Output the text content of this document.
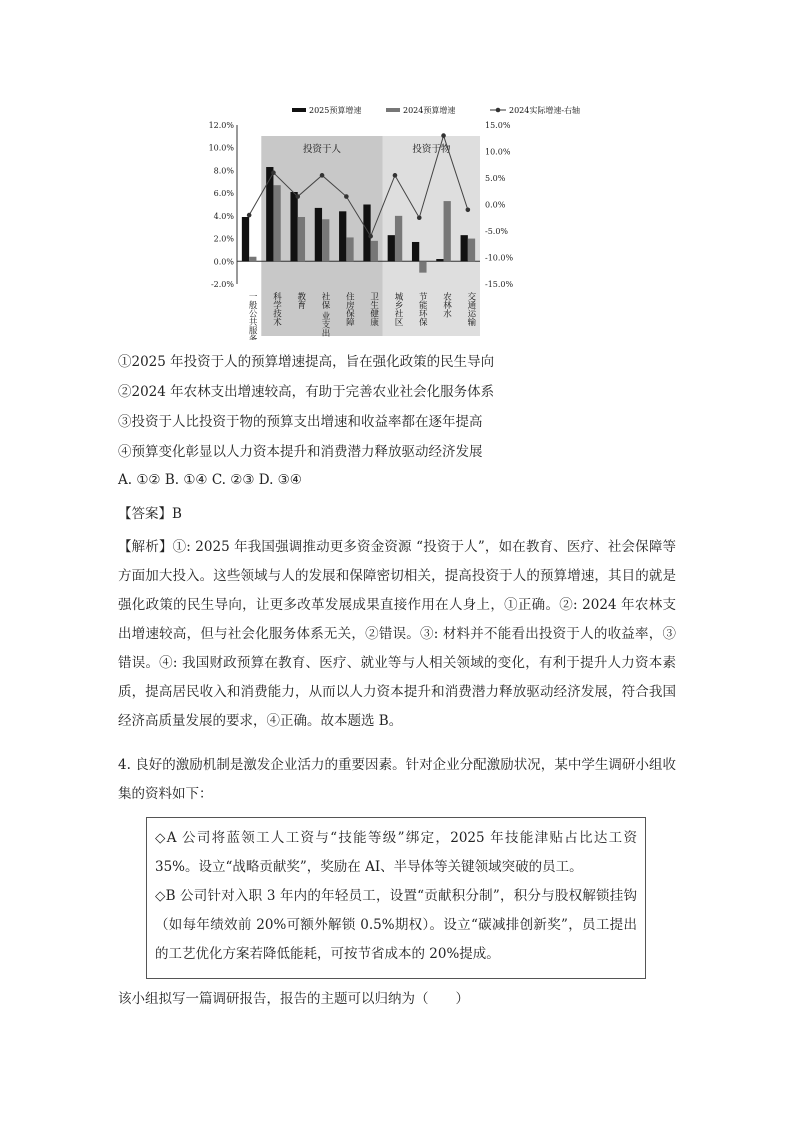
投资于人	投资于物
12.0%
10.0%
8.0%
6.0%
4.0%
2.0%
0.0%
-2.0%
15.0%
10.0%
5.0%
0.0%
-5.0%
-10.0%
-15.0%
2025预算增速	2024预算增速	2024实际增速-右轴
一般公共服务 科学技术 教育 社保 业支出 住房保障 卫生健康 城乡社区 节能环保 农林水 交通运输
①2025 年投资于人的预算增速提高，旨在强化政策的民生导向
②2024 年农林支出增速较高，有助于完善农业社会化服务体系
③投资于人比投资于物的预算支出增速和收益率都在逐年提高
④预算变化彰显以人力资本提升和消费潜力释放驱动经济发展
A. ①② B. ①④ C. ②③ D. ③④
【答案】B
【解析】①: 2025 年我国强调推动更多资金资源 “投资于人”，如在教育、医疗、社会保障等方面加大投入。这些领域与人的发展和保障密切相关，提高投资于人的预算增速，其目的就是强化政策的民生导向，让更多改革发展成果直接作用在人身上，①正确。②: 2024 年农林支出增速较高，但与社会化服务体系无关，②错误。③: 材料并不能看出投资于人的收益率，③错误。④: 我国财政预算在教育、医疗、就业等与人相关领域的变化，有利于提升人力资本素质，提高居民收入和消费能力，从而以人力资本提升和消费潜力释放驱动经济发展，符合我国经济高质量发展的要求，④正确。故本题选 B。
4. 良好的激励机制是激发企业活力的重要因素。针对企业分配激励状况，某中学生调研小组收集的资料如下：

◇A 公司将蓝领工人工资与“技能等级”绑定，2025 年技能津贴占比达工资 35%。设立“战略贡献奖”，奖励在 AI、半导体等关键领域突破的员工。

◇B 公司针对入职 3 年内的年轻员工，设置“贡献积分制”，积分与股权解锁挂钩（如每年绩效前 20%可额外解锁 0.5%期权）。设立“碳减排创新奖”，员工提出的工艺优化方案若降低能耗，可按节省成本的 20%提成。

该小组拟写一篇调研报告，报告的主题可以归纳为（　　）
